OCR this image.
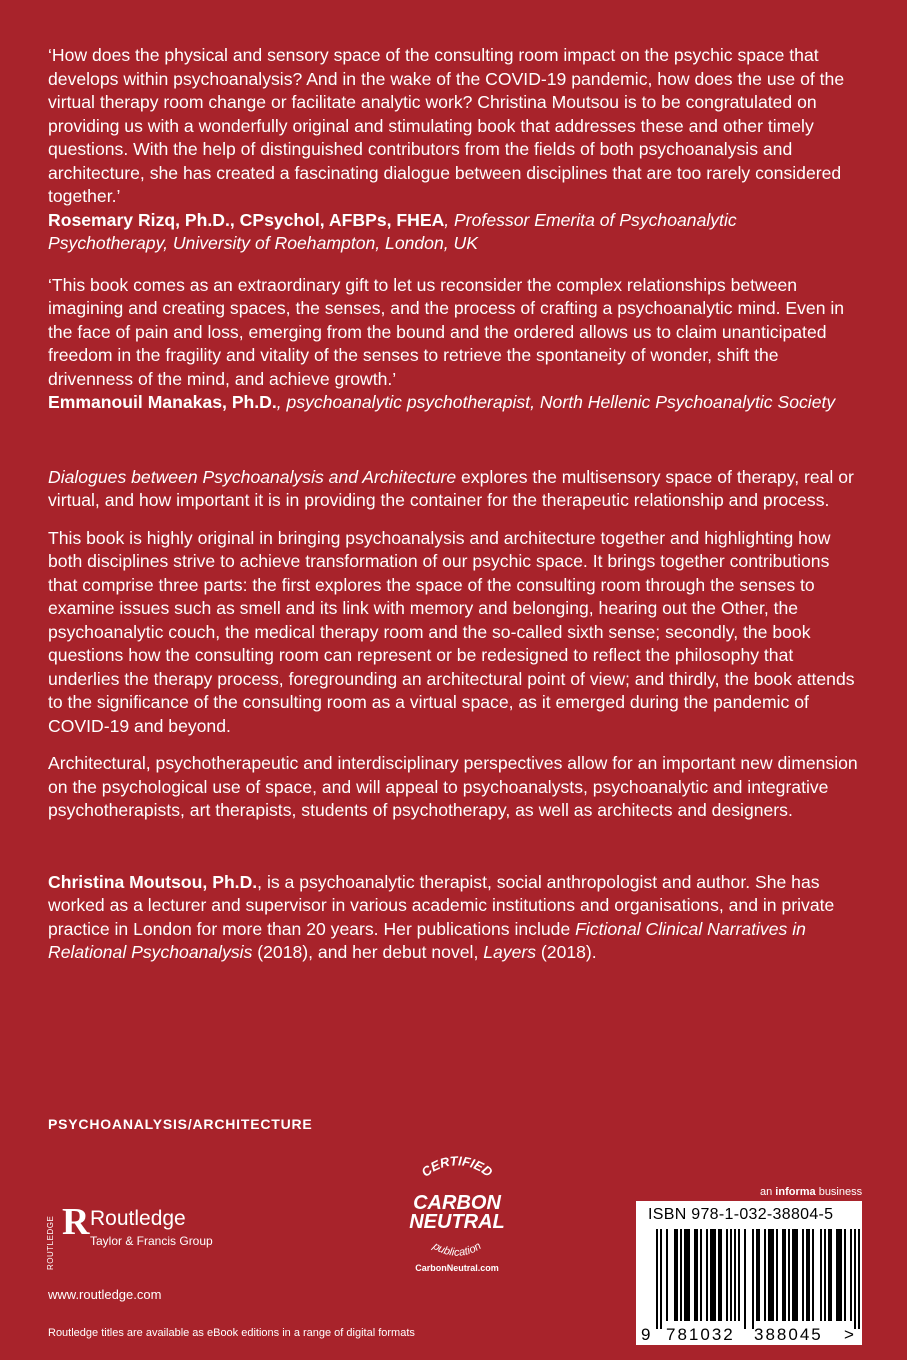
‘How does the physical and sensory space of the consulting room impact on the psychic space that develops within psychoanalysis? And in the wake of the COVID-19 pandemic, how does the use of the virtual therapy room change or facilitate analytic work? Christina Moutsou is to be congratulated on providing us with a wonderfully original and stimulating book that addresses these and other timely questions. With the help of distinguished contributors from the fields of both psychoanalysis and architecture, she has created a fascinating dialogue between disciplines that are too rarely considered together.’

Rosemary Rizq, Ph.D., CPsychol, AFBPs, FHEA, Professor Emerita of Psychoanalytic Psychotherapy, University of Roehampton, London, UK

‘This book comes as an extraordinary gift to let us reconsider the complex relationships between imagining and creating spaces, the senses, and the process of crafting a psychoanalytic mind. Even in the face of pain and loss, emerging from the bound and the ordered allows us to claim unanticipated freedom in the fragility and vitality of the senses to retrieve the spontaneity of wonder, shift the drivenness of the mind, and achieve growth.’

Emmanouil Manakas, Ph.D., psychoanalytic psychotherapist, North Hellenic Psychoanalytic Society

Dialogues between Psychoanalysis and Architecture explores the multisensory space of therapy, real or virtual, and how important it is in providing the container for the therapeutic relationship and process.

This book is highly original in bringing psychoanalysis and architecture together and highlighting how both disciplines strive to achieve transformation of our psychic space. It brings together contributions that comprise three parts: the first explores the space of the consulting room through the senses to examine issues such as smell and its link with memory and belonging, hearing out the Other, the psychoanalytic couch, the medical therapy room and the so-called sixth sense; secondly, the book questions how the consulting room can represent or be redesigned to reflect the philosophy that underlies the therapy process, foregrounding an architectural point of view; and thirdly, the book attends to the significance of the consulting room as a virtual space, as it emerged during the pandemic of COVID-19 and beyond.

Architectural, psychotherapeutic and interdisciplinary perspectives allow for an important new dimension on the psychological use of space, and will appeal to psychoanalysts, psychoanalytic and integrative psychotherapists, art therapists, students of psychotherapy, as well as architects and designers.

Christina Moutsou, Ph.D., is a psychoanalytic therapist, social anthropologist and author. She has worked as a lecturer and supervisor in various academic institutions and organisations, and in private practice in London for more than 20 years. Her publications include Fictional Clinical Narratives in Relational Psychoanalysis (2018), and her debut novel, Layers (2018).

PSYCHOANALYSIS/ARCHITECTURE
ROUTLEDGE R Routledge
Taylor & Francis Group
www.routledge.com
Routledge titles are available as eBook editions in a range of digital formats
CERTIFIED
CARBON
NEUTRAL
publication
CarbonNeutral.com
an informa business
ISBN 978-1-032-38804-5
9 781032 388045 >
